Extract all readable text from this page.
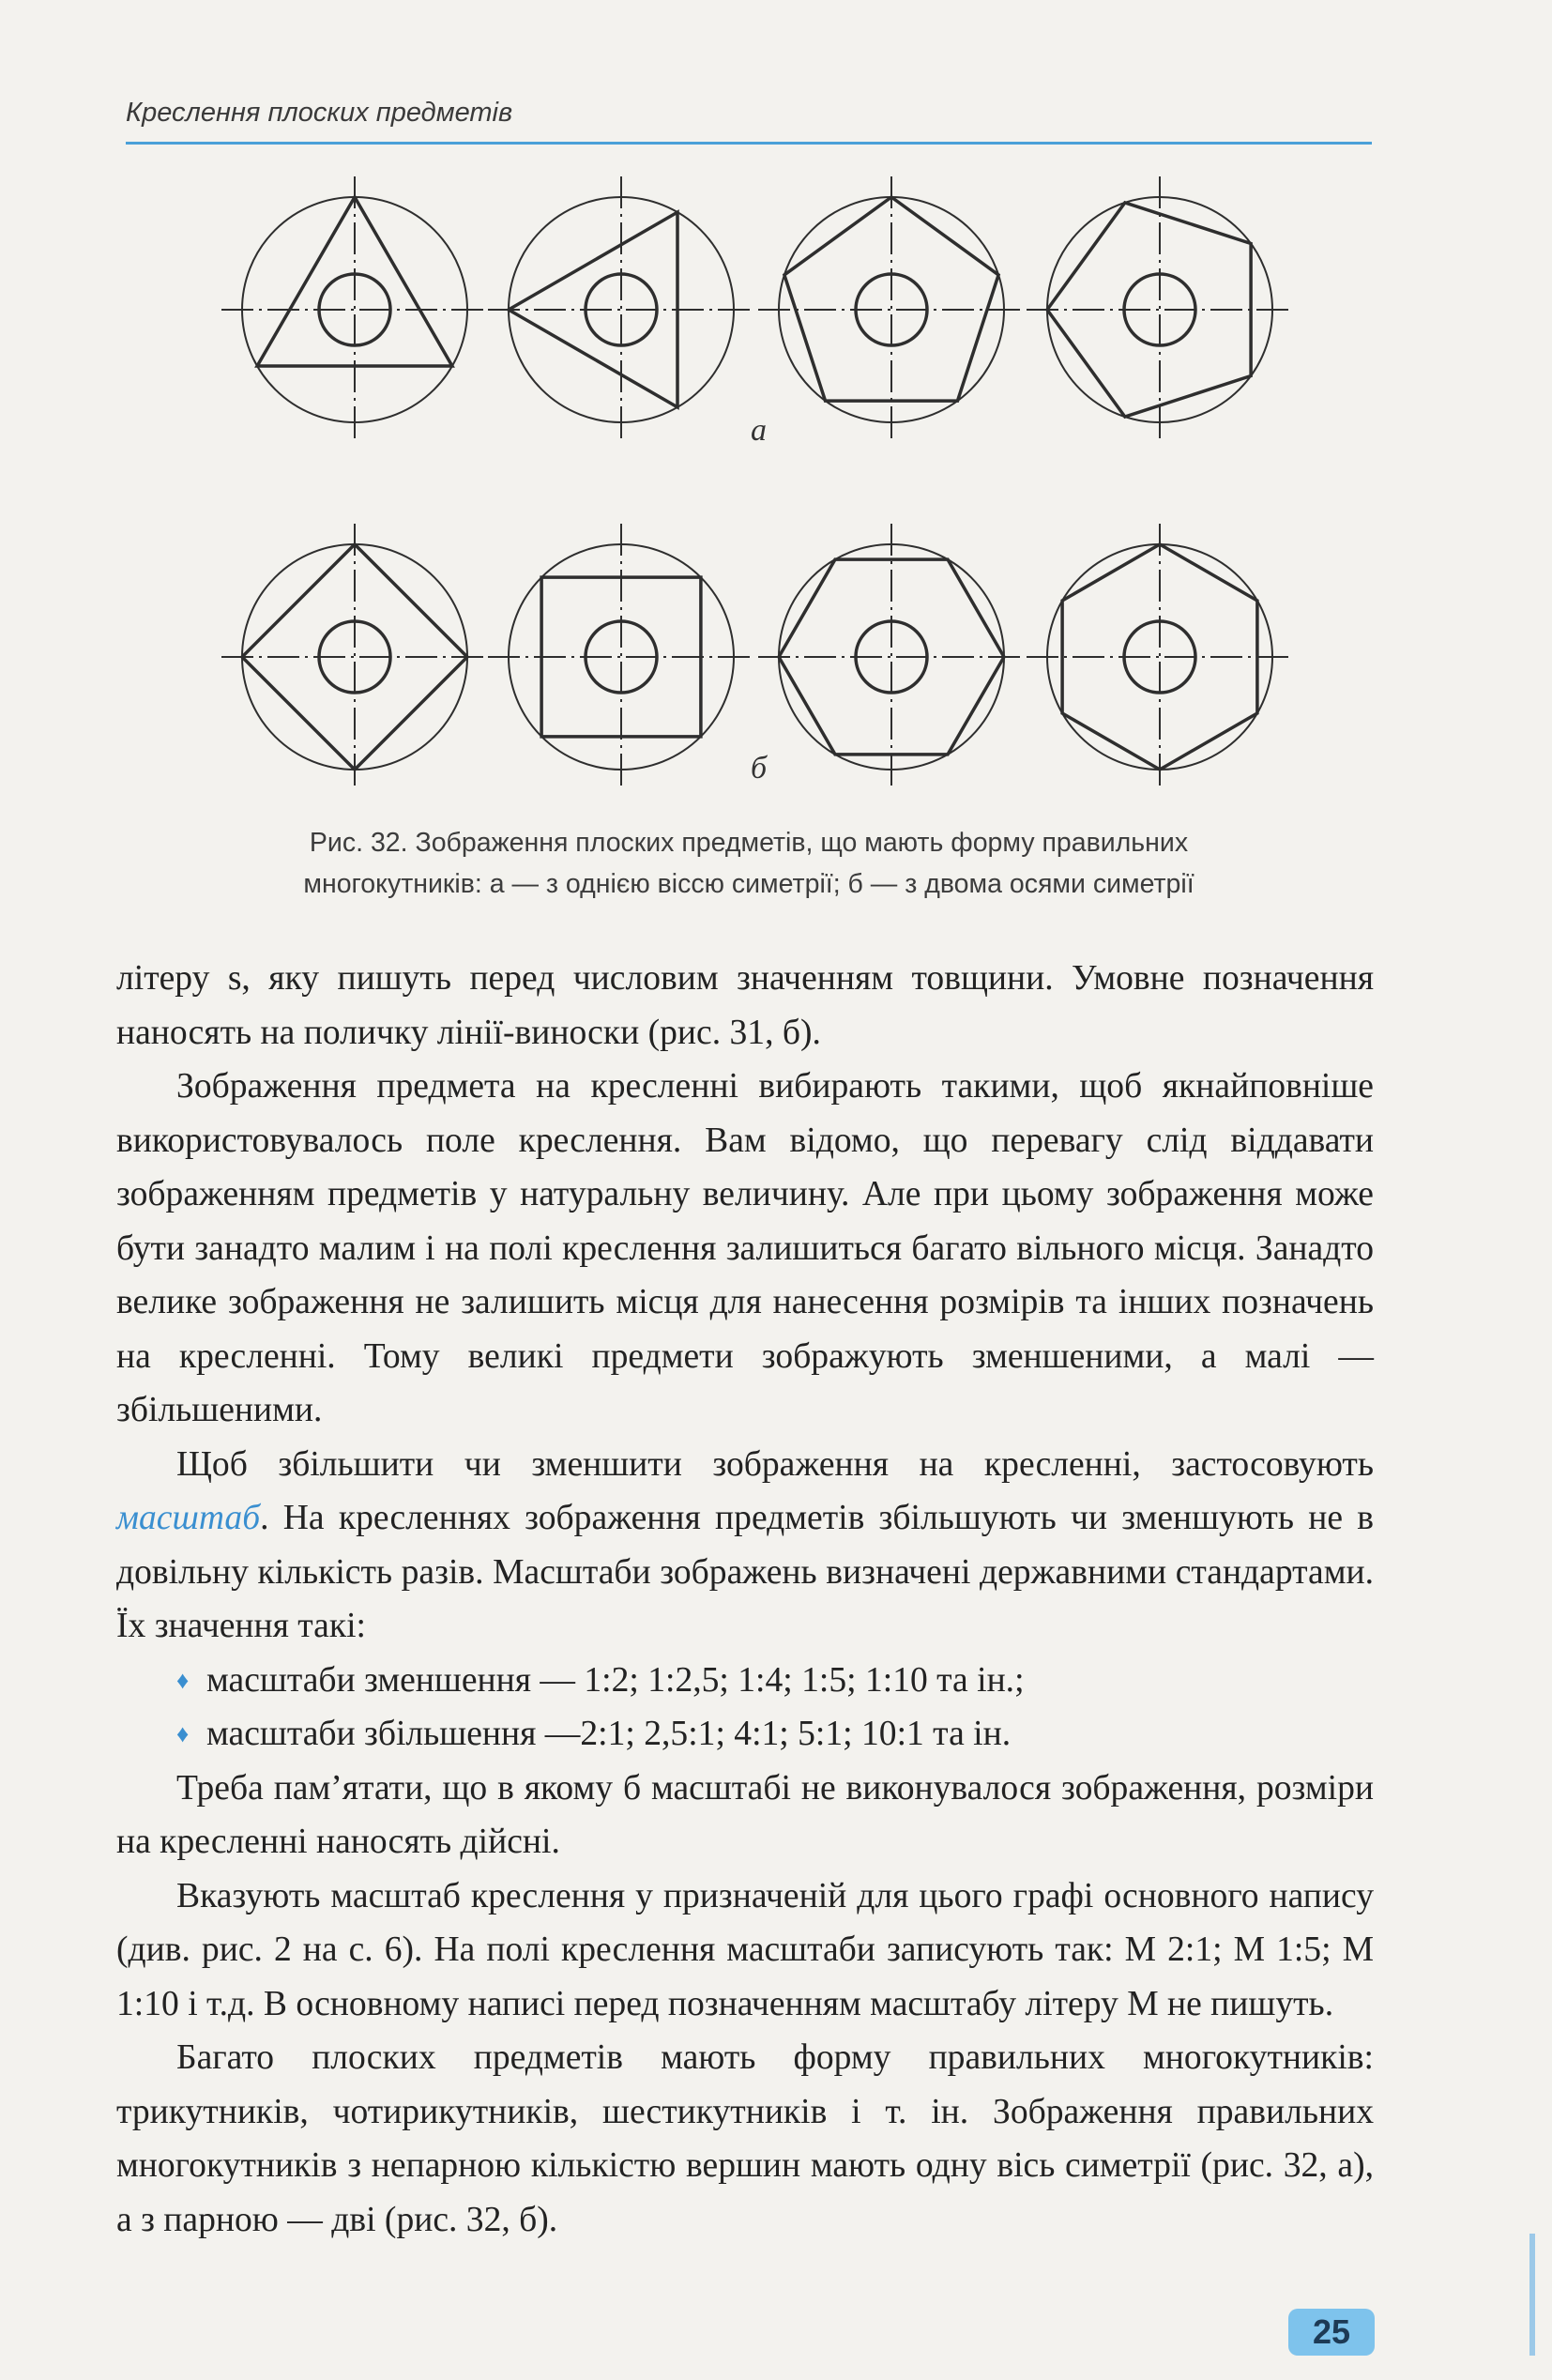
Креслення плоских предметів
а
б
Рис. 32. Зображення плоских предметів, що мають форму правильних
многокутників: а — з однією віссю симетрії; б — з двома осями симетрії

літеру s, яку пишуть перед числовим значенням товщини. Умовне позначення наносять на поличку лінії-виноски (рис. 31, б).

Зображення предмета на кресленні вибирають такими, щоб якнайповніше використовувалось поле креслення. Вам відомо, що перевагу слід віддавати зображенням предметів у натуральну величину. Але при цьому зображення може бути занадто малим і на полі креслення залишиться багато вільного місця. Занадто велике зображення не залишить місця для нанесення розмірів та інших позначень на кресленні. Тому великі предмети зображують зменшеними, а малі — збільшеними.

Щоб збільшити чи зменшити зображення на кресленні, застосовують масштаб. На кресленнях зображення предметів збільшують чи зменшують не в довільну кількість разів. Масштаби зображень визначені державними стандартами. Їх значення такі:

♦ масштаби зменшення — 1:2; 1:2,5; 1:4; 1:5; 1:10 та ін.;

♦ масштаби збільшення —2:1; 2,5:1; 4:1; 5:1; 10:1 та ін.

Треба пам’ятати, що в якому б масштабі не виконувалося зображення, розміри на кресленні наносять дійсні.

Вказують масштаб креслення у призначеній для цього графі основного напису (див. рис. 2 на с. 6). На полі креслення масштаби записують так: М 2:1; М 1:5; М 1:10 і т.д. В основному написі перед позначенням масштабу літеру М не пишуть.

Багато плоских предметів мають форму правильних многокутників: трикутників, чотирикутників, шестикутників і т. ін. Зображення правильних многокутників з непарною кількістю вершин мають одну вісь симетрії (рис. 32, а), а з парною — дві (рис. 32, б).

25
